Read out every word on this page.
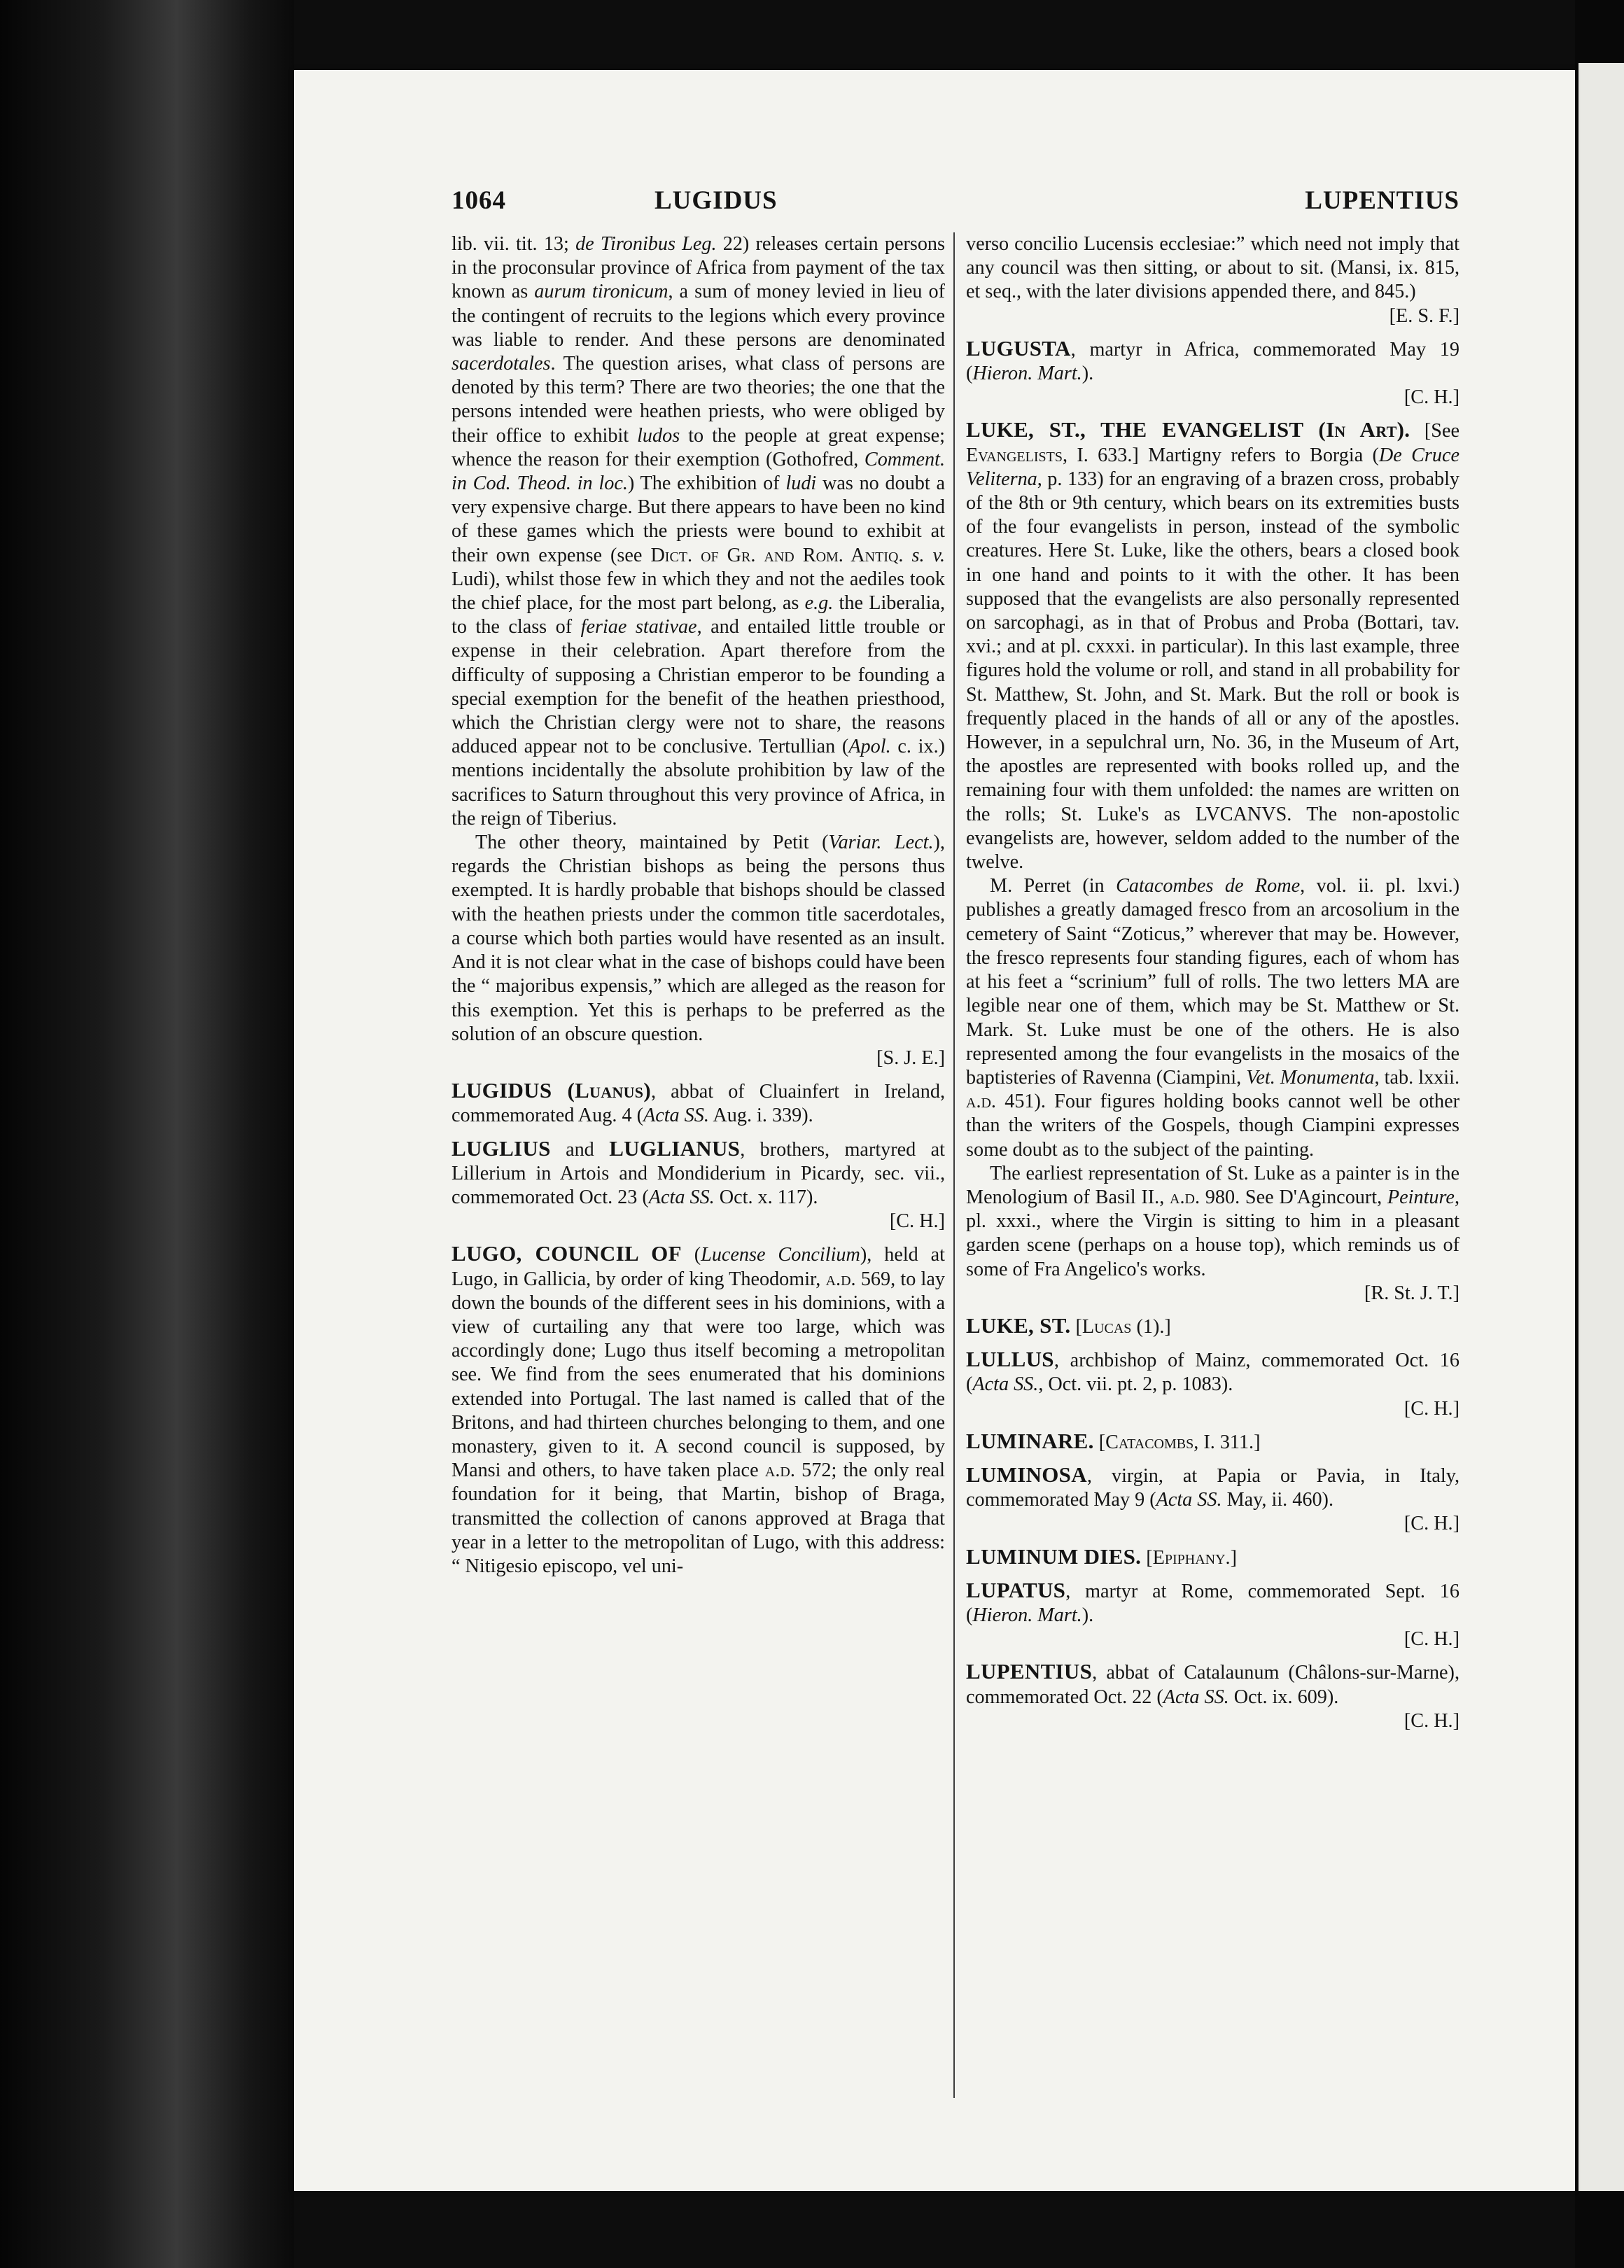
1064	LUGIDUS	LUPENTIUS

lib. vii. tit. 13; de Tironibus Leg. 22) releases certain persons in the proconsular province of Africa from payment of the tax known as aurum tironicum, a sum of money levied in lieu of the contingent of recruits to the legions which every province was liable to render. And these persons are denominated sacerdotales. The question arises, what class of persons are denoted by this term? There are two theories; the one that the persons intended were heathen priests, who were obliged by their office to exhibit ludos to the people at great expense; whence the reason for their exemption (Gothofred, Comment. in Cod. Theod. in loc.) The exhibition of ludi was no doubt a very expensive charge. But there appears to have been no kind of these games which the priests were bound to exhibit at their own expense (see Dict. of Gr. and Rom. Antiq. s. v. Ludi), whilst those few in which they and not the aediles took the chief place, for the most part belong, as e.g. the Liberalia, to the class of feriae stativae, and entailed little trouble or expense in their celebration. Apart therefore from the difficulty of supposing a Christian emperor to be founding a special exemption for the benefit of the heathen priesthood, which the Christian clergy were not to share, the reasons adduced appear not to be conclusive. Tertullian (Apol. c. ix.) mentions incidentally the absolute prohibition by law of the sacrifices to Saturn throughout this very province of Africa, in the reign of Tiberius.

The other theory, maintained by Petit (Variar. Lect.), regards the Christian bishops as being the persons thus exempted. It is hardly probable that bishops should be classed with the heathen priests under the common title sacerdotales, a course which both parties would have resented as an insult. And it is not clear what in the case of bishops could have been the “ majoribus expensis,” which are alleged as the reason for this exemption. Yet this is perhaps to be preferred as the solution of an obscure question.

[S. J. E.]

LUGIDUS (Luanus), abbat of Cluainfert in Ireland, commemorated Aug. 4 (Acta SS. Aug. i. 339).

LUGLIUS and LUGLIANUS, brothers, martyred at Lillerium in Artois and Mondiderium in Picardy, sec. vii., commemorated Oct. 23 (Acta SS. Oct. x. 117).

[C. H.]

LUGO, COUNCIL OF (Lucense Concilium), held at Lugo, in Gallicia, by order of king Theodomir, a.d. 569, to lay down the bounds of the different sees in his dominions, with a view of curtailing any that were too large, which was accordingly done; Lugo thus itself becoming a metropolitan see. We find from the sees enumerated that his dominions extended into Portugal. The last named is called that of the Britons, and had thirteen churches belonging to them, and one monastery, given to it. A second council is supposed, by Mansi and others, to have taken place a.d. 572; the only real foundation for it being, that Martin, bishop of Braga, transmitted the collection of canons approved at Braga that year in a letter to the metropolitan of Lugo, with this address: “ Nitigesio episcopo, vel uni-

verso concilio Lucensis ecclesiae:” which need not imply that any council was then sitting, or about to sit. (Mansi, ix. 815, et seq., with the later divisions appended there, and 845.)

[E. S. F.]

LUGUSTA, martyr in Africa, commemorated May 19 (Hieron. Mart.).

[C. H.]

LUKE, ST., THE EVANGELIST (In Art). [See Evangelists, I. 633.] Martigny refers to Borgia (De Cruce Veliterna, p. 133) for an engraving of a brazen cross, probably of the 8th or 9th century, which bears on its extremities busts of the four evangelists in person, instead of the symbolic creatures. Here St. Luke, like the others, bears a closed book in one hand and points to it with the other. It has been supposed that the evangelists are also personally represented on sarcophagi, as in that of Probus and Proba (Bottari, tav. xvi.; and at pl. cxxxi. in particular). In this last example, three figures hold the volume or roll, and stand in all probability for St. Matthew, St. John, and St. Mark. But the roll or book is frequently placed in the hands of all or any of the apostles. However, in a sepulchral urn, No. 36, in the Museum of Art, the apostles are represented with books rolled up, and the remaining four with them unfolded: the names are written on the rolls; St. Luke's as LVCANVS. The non-apostolic evangelists are, however, seldom added to the number of the twelve.

M. Perret (in Catacombes de Rome, vol. ii. pl. lxvi.) publishes a greatly damaged fresco from an arcosolium in the cemetery of Saint “Zoticus,” wherever that may be. However, the fresco represents four standing figures, each of whom has at his feet a “scrinium” full of rolls. The two letters MA are legible near one of them, which may be St. Matthew or St. Mark. St. Luke must be one of the others. He is also represented among the four evangelists in the mosaics of the baptisteries of Ravenna (Ciampini, Vet. Monumenta, tab. lxxii. a.d. 451). Four figures holding books cannot well be other than the writers of the Gospels, though Ciampini expresses some doubt as to the subject of the painting.

The earliest representation of St. Luke as a painter is in the Menologium of Basil II., a.d. 980. See D'Agincourt, Peinture, pl. xxxi., where the Virgin is sitting to him in a pleasant garden scene (perhaps on a house top), which reminds us of some of Fra Angelico's works.

[R. St. J. T.]

LUKE, ST. [Lucas (1).]

LULLUS, archbishop of Mainz, commemorated Oct. 16 (Acta SS., Oct. vii. pt. 2, p. 1083).

[C. H.]

LUMINARE. [Catacombs, I. 311.]

LUMINOSA, virgin, at Papia or Pavia, in Italy, commemorated May 9 (Acta SS. May, ii. 460).

[C. H.]

LUMINUM DIES. [Epiphany.]

LUPATUS, martyr at Rome, commemorated Sept. 16 (Hieron. Mart.).

[C. H.]

LUPENTIUS, abbat of Catalaunum (Châlons-sur-Marne), commemorated Oct. 22 (Acta SS. Oct. ix. 609).

[C. H.]
